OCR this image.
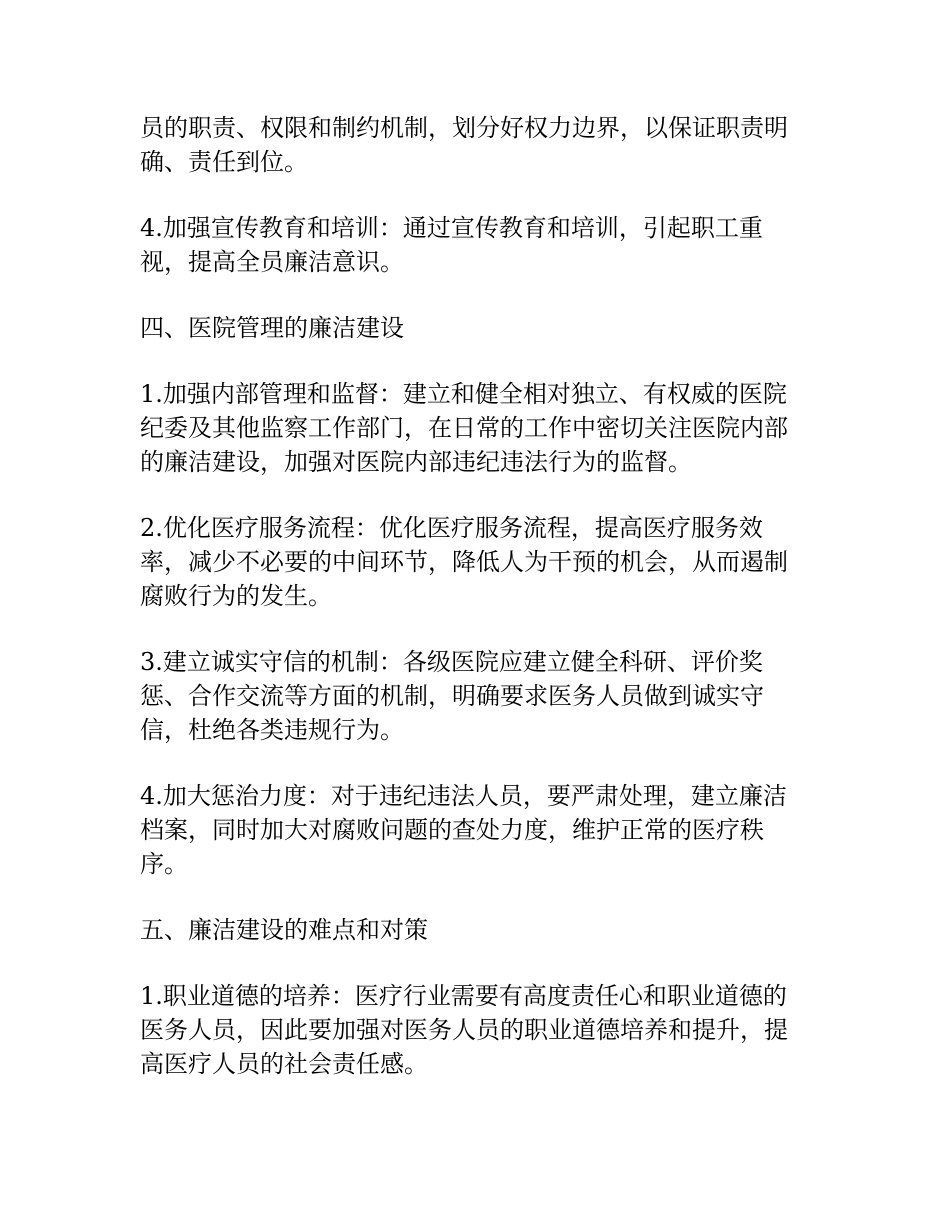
员的职责、权限和制约机制，划分好权力边界，以保证职责明
确、责任到位。

4.加强宣传教育和培训：通过宣传教育和培训，引起职工重
视，提高全员廉洁意识。

四、医院管理的廉洁建设

1.加强内部管理和监督：建立和健全相对独立、有权威的医院
纪委及其他监察工作部门，在日常的工作中密切关注医院内部
的廉洁建设，加强对医院内部违纪违法行为的监督。

2.优化医疗服务流程：优化医疗服务流程，提高医疗服务效
率，减少不必要的中间环节，降低人为干预的机会，从而遏制
腐败行为的发生。

3.建立诚实守信的机制：各级医院应建立健全科研、评价奖
惩、合作交流等方面的机制，明确要求医务人员做到诚实守
信，杜绝各类违规行为。

4.加大惩治力度：对于违纪违法人员，要严肃处理，建立廉洁
档案，同时加大对腐败问题的查处力度，维护正常的医疗秩
序。

五、廉洁建设的难点和对策

1.职业道德的培养：医疗行业需要有高度责任心和职业道德的
医务人员，因此要加强对医务人员的职业道德培养和提升，提
高医疗人员的社会责任感。
